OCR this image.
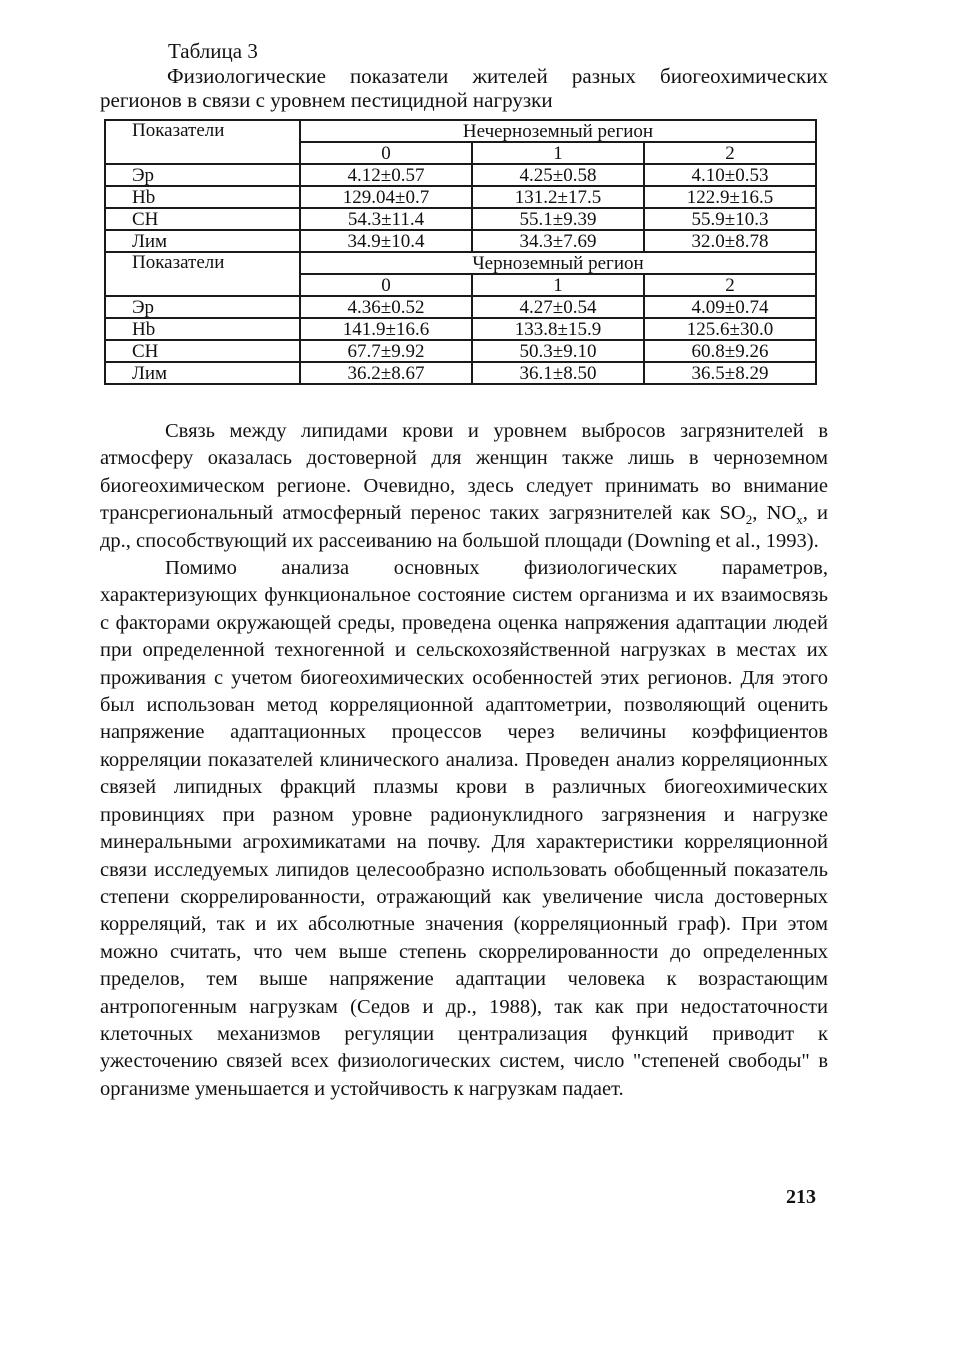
Таблица 3
Физиологические показатели жителей разных биогеохимических регионов в связи с уровнем пестицидной нагрузки
Показатели	Нечерноземный регион		
	0	1	2
Эр	4.12±0.57	4.25±0.58	4.10±0.53
Hb	129.04±0.7	131.2±17.5	122.9±16.5
CH	54.3±11.4	55.1±9.39	55.9±10.3
Лим	34.9±10.4	34.3±7.69	32.0±8.78
Показатели	Черноземный регион		
	0	1	2
Эр	4.36±0.52	4.27±0.54	4.09±0.74
Hb	141.9±16.6	133.8±15.9	125.6±30.0
CH	67.7±9.92	50.3±9.10	60.8±9.26
Лим	36.2±8.67	36.1±8.50	36.5±8.29

Связь между липидами крови и уровнем выбросов загрязнителей в атмосферу оказалась достоверной для женщин также лишь в черноземном биогеохимическом регионе. Очевидно, здесь следует принимать во внимание трансрегиональный атмосферный перенос таких загрязнителей как $SO_2$, $NO_x$, и др., способствующий их рассеиванию на большой площади (Downing et al., 1993).

Помимо анализа основных физиологических параметров, характеризующих функциональное состояние систем организма и их взаимосвязь с факторами окружающей среды, проведена оценка напряжения адаптации людей при определенной техногенной и сельскохозяйственной нагрузках в местах их проживания с учетом биогеохимических особенностей этих регионов. Для этого был использован метод корреляционной адаптометрии, позволяющий оценить напряжение адаптационных процессов через величины коэффициентов корреляции показателей клинического анализа. Проведен анализ корреляционных связей липидных фракций плазмы крови в различных биогеохимических провинциях при разном уровне радионуклидного загрязнения и нагрузке минеральными агрохимикатами на почву. Для характеристики корреляционной связи исследуемых липидов целесообразно использовать обобщенный показатель степени скоррелированности, отражающий как увеличение числа достоверных корреляций, так и их абсолютные значения (корреляционный граф). При этом можно считать, что чем выше степень скоррелированности до определенных пределов, тем выше напряжение адаптации человека к возрастающим антропогенным нагрузкам (Седов и др., 1988), так как при недостаточности клеточных механизмов регуляции централизация функций приводит к ужесточению связей всех физиологических систем, число "степеней свободы" в организме уменьшается и устойчивость к нагрузкам падает.

213
